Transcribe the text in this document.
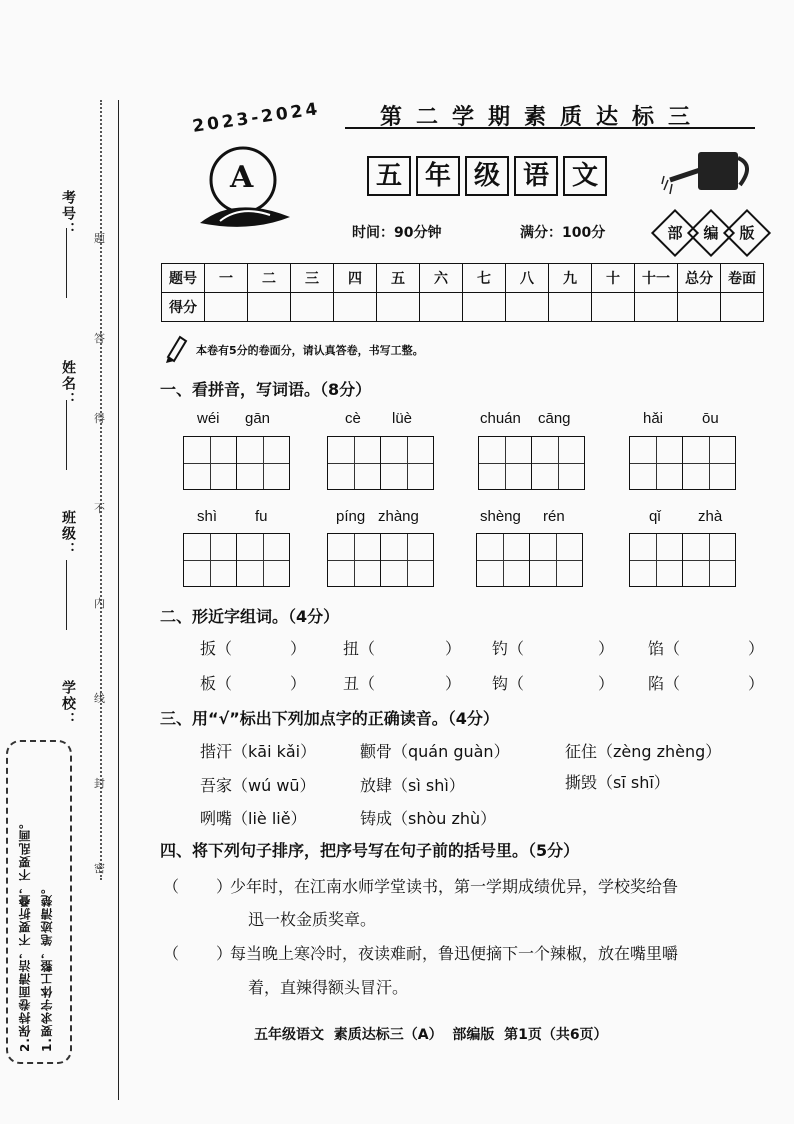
考号：
姓名：
班级：
学校：
题
答
得
不
内
线
封
密
1.要求字体工整，笔迹清楚。
2.保持卷面清洁，不要折叠，不要乱画。
2023-2024
A
第二学期素质达标三
五 年 级 语 文
时间：90分钟	满分：100分	部	编	版
题号	一	二	三	四	五	六	七	八	九	十	十一	总分	卷面
得分													
本卷有5分的卷面分，请认真答卷，书写工整。
一、看拼音，写词语。（8分）
wéi gān	cè lüè	chuán cāng	hǎi	ōu
shì	fu	píng zhàng	shèng rén	qǐ zhà
二、形近字组词。（4分）
扳（	） 扭（	） 钓（	） 馅（	）
板（	） 丑（	） 钩（	） 陷（	）
三、用“√”标出下列加点字的正确读音。（4分）
揩汗（kāi kǎi）	颧骨（quán guàn）	征住（zèng zhèng）
吾家（wú wū）	放肆（sì shì）	撕毁（sī shī）
咧嘴（liè liě）	铸成（shòu zhù）
四、将下列句子排序，把序号写在句子前的括号里。（5分）
（ ）
少年时，在江南水师学堂读书，第一学期成绩优异，学校奖给鲁
迅一枚金质奖章。
（ ）
每当晚上寒冷时，夜读难耐，鲁迅便摘下一个辣椒，放在嘴里嚼
着，直辣得额头冒汗。
五年级语文  素质达标三（A）  部编版  第1页（共6页）
